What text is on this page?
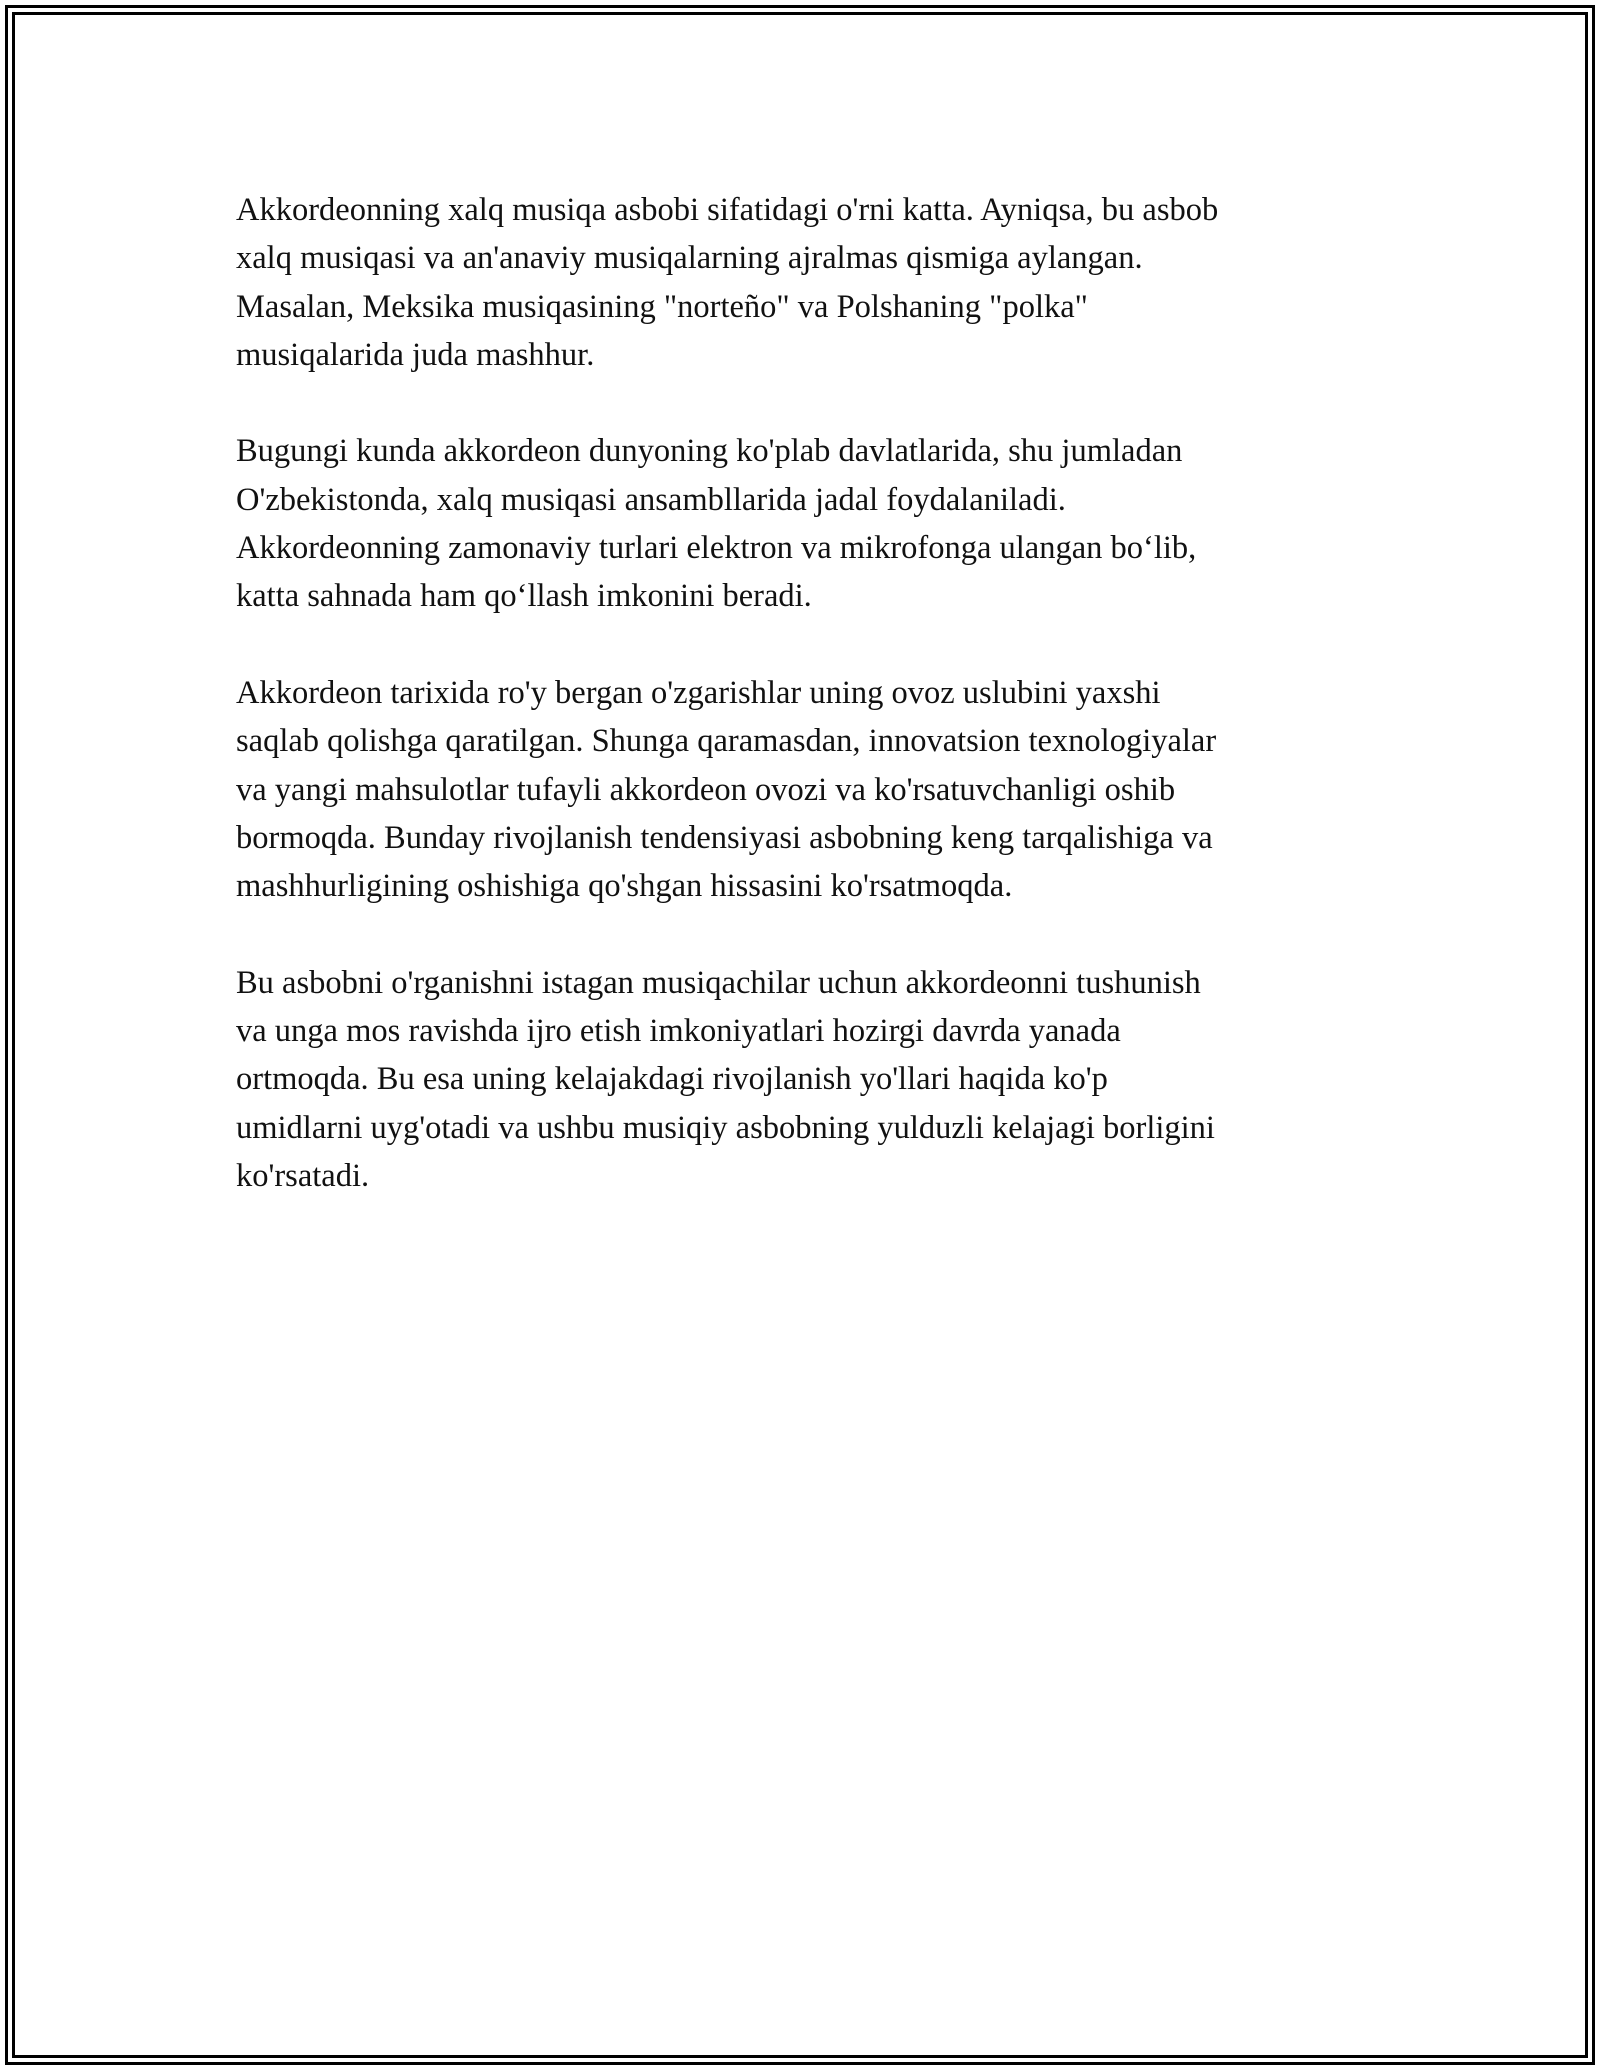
Akkordeonning xalq musiqa asbobi sifatidagi o'rni katta. Ayniqsa, bu asbob
xalq musiqasi va an'anaviy musiqalarning ajralmas qismiga aylangan.
Masalan, Meksika musiqasining "norteño" va Polshaning "polka"
musiqalarida juda mashhur.

Bugungi kunda akkordeon dunyoning ko'plab davlatlarida, shu jumladan
O'zbekistonda, xalq musiqasi ansambllarida jadal foydalaniladi.
Akkordeonning zamonaviy turlari elektron va mikrofonga ulangan bo‘lib,
katta sahnada ham qo‘llash imkonini beradi.

Akkordeon tarixida ro'y bergan o'zgarishlar uning ovoz uslubini yaxshi
saqlab qolishga qaratilgan. Shunga qaramasdan, innovatsion texnologiyalar
va yangi mahsulotlar tufayli akkordeon ovozi va ko'rsatuvchanligi oshib
bormoqda. Bunday rivojlanish tendensiyasi asbobning keng tarqalishiga va
mashhurligining oshishiga qo'shgan hissasini ko'rsatmoqda.

Bu asbobni o'rganishni istagan musiqachilar uchun akkordeonni tushunish
va unga mos ravishda ijro etish imkoniyatlari hozirgi davrda yanada
ortmoqda. Bu esa uning kelajakdagi rivojlanish yo'llari haqida ko'p
umidlarni uyg'otadi va ushbu musiqiy asbobning yulduzli kelajagi borligini
ko'rsatadi.
